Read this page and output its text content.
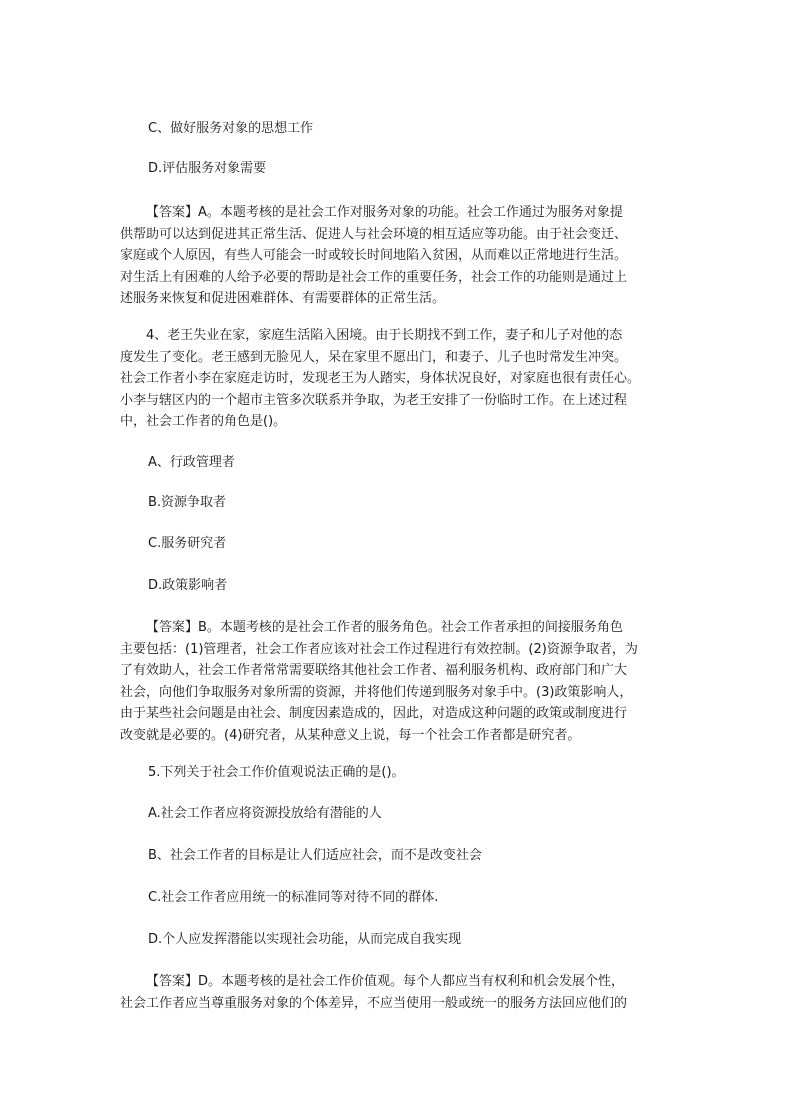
C、做好服务对象的思想工作
D.评估服务对象需要
【答案】A。本题考核的是社会工作对服务对象的功能。社会工作通过为服务对象提
供帮助可以达到促进其正常生活、促进人与社会环境的相互适应等功能。由于社会变迁、
家庭或个人原因，有些人可能会一时或较长时间地陷入贫困，从而难以正常地进行生活。
对生活上有困难的人给予必要的帮助是社会工作的重要任务，社会工作的功能则是通过上
述服务来恢复和促进困难群体、有需要群体的正常生活。
4、老王失业在家，家庭生活陷入困境。由于长期找不到工作，妻子和儿子对他的态
度发生了变化。老王感到无脸见人，呆在家里不愿出门，和妻子、儿子也时常发生冲突。
社会工作者小李在家庭走访时，发现老王为人踏实，身体状况良好，对家庭也很有责任心。
小李与辖区内的一个超市主管多次联系并争取，为老王安排了一份临时工作。在上述过程
中，社会工作者的角色是()。
A、行政管理者
B.资源争取者
C.服务研究者
D.政策影响者
【答案】B。本题考核的是社会工作者的服务角色。社会工作者承担的间接服务角色
主要包括：(1)管理者，社会工作者应该对社会工作过程进行有效控制。(2)资源争取者，为
了有效助人，社会工作者常常需要联络其他社会工作者、福利服务机构、政府部门和广大
社会，向他们争取服务对象所需的资源，并将他们传递到服务对象手中。(3)政策影响人，
由于某些社会问题是由社会、制度因素造成的，因此，对造成这种问题的政策或制度进行
改变就是必要的。(4)研究者，从某种意义上说，每一个社会工作者都是研究者。
5.下列关于社会工作价值观说法正确的是()。
A.社会工作者应将资源投放给有潜能的人
B、社会工作者的目标是让人们适应社会，而不是改变社会
C.社会工作者应用统一的标准同等对待不同的群体.
D.个人应发挥潜能以实现社会功能，从而完成自我实现
【答案】D。本题考核的是社会工作价值观。每个人都应当有权利和机会发展个性，
社会工作者应当尊重服务对象的个体差异，不应当使用一般或统一的服务方法回应他们的
